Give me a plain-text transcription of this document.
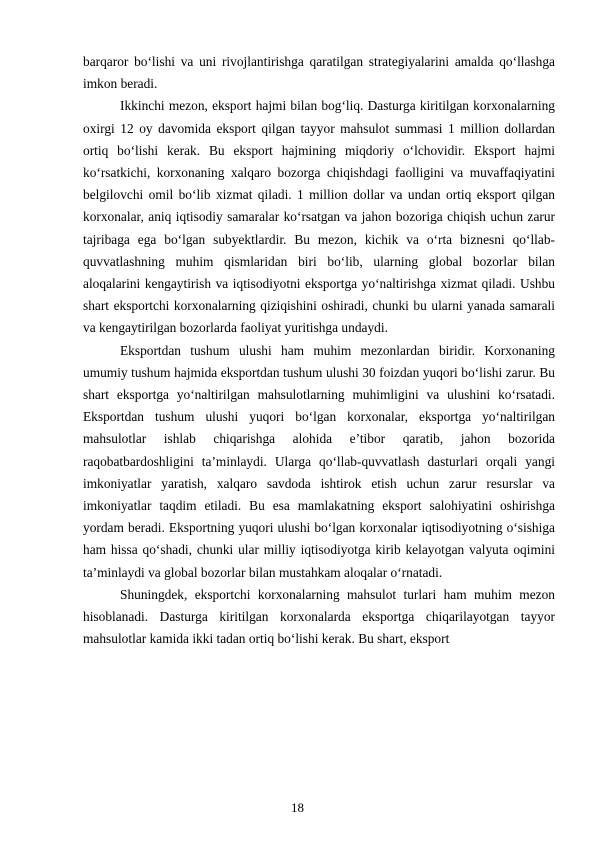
barqaror bo‘lishi va uni rivojlantirishga qaratilgan strategiyalarini amalda qo‘llashga imkon beradi.

Ikkinchi mezon, eksport hajmi bilan bog‘liq. Dasturga kiritilgan korxonalarning oxirgi 12 oy davomida eksport qilgan tayyor mahsulot summasi 1 million dollardan ortiq bo‘lishi kerak. Bu eksport hajmining miqdoriy o‘lchovidir. Eksport hajmi ko‘rsatkichi, korxonaning xalqaro bozorga chiqishdagi faolligini va muvaffaqiyatini belgilovchi omil bo‘lib xizmat qiladi. 1 million dollar va undan ortiq eksport qilgan korxonalar, aniq iqtisodiy samaralar ko‘rsatgan va jahon bozoriga chiqish uchun zarur tajribaga ega bo‘lgan subyektlardir. Bu mezon, kichik va o‘rta biznesni qo‘llab-quvvatlashning muhim qismlaridan biri bo‘lib, ularning global bozorlar bilan aloqalarini kengaytirish va iqtisodiyotni eksportga yo‘naltirishga xizmat qiladi. Ushbu shart eksportchi korxonalarning qiziqishini oshiradi, chunki bu ularni yanada samarali va kengaytirilgan bozorlarda faoliyat yuritishga undaydi.

Eksportdan tushum ulushi ham muhim mezonlardan biridir. Korxonaning umumiy tushum hajmida eksportdan tushum ulushi 30 foizdan yuqori bo‘lishi zarur. Bu shart eksportga yo‘naltirilgan mahsulotlarning muhimligini va ulushini ko‘rsatadi. Eksportdan tushum ulushi yuqori bo‘lgan korxonalar, eksportga yo‘naltirilgan mahsulotlar ishlab chiqarishga alohida e’tibor qaratib, jahon bozorida raqobatbardoshligini ta’minlaydi. Ularga qo‘llab-quvvatlash dasturlari orqali yangi imkoniyatlar yaratish, xalqaro savdoda ishtirok etish uchun zarur resurslar va imkoniyatlar taqdim etiladi. Bu esa mamlakatning eksport salohiyatini oshirishga yordam beradi. Eksportning yuqori ulushi bo‘lgan korxonalar iqtisodiyotning o‘sishiga ham hissa qo‘shadi, chunki ular milliy iqtisodiyotga kirib kelayotgan valyuta oqimini ta’minlaydi va global bozorlar bilan mustahkam aloqalar o‘rnatadi.

Shuningdek, eksportchi korxonalarning mahsulot turlari ham muhim mezon hisoblanadi. Dasturga kiritilgan korxonalarda eksportga chiqarilayotgan tayyor mahsulotlar kamida ikki tadan ortiq bo‘lishi kerak. Bu shart, eksport

18
